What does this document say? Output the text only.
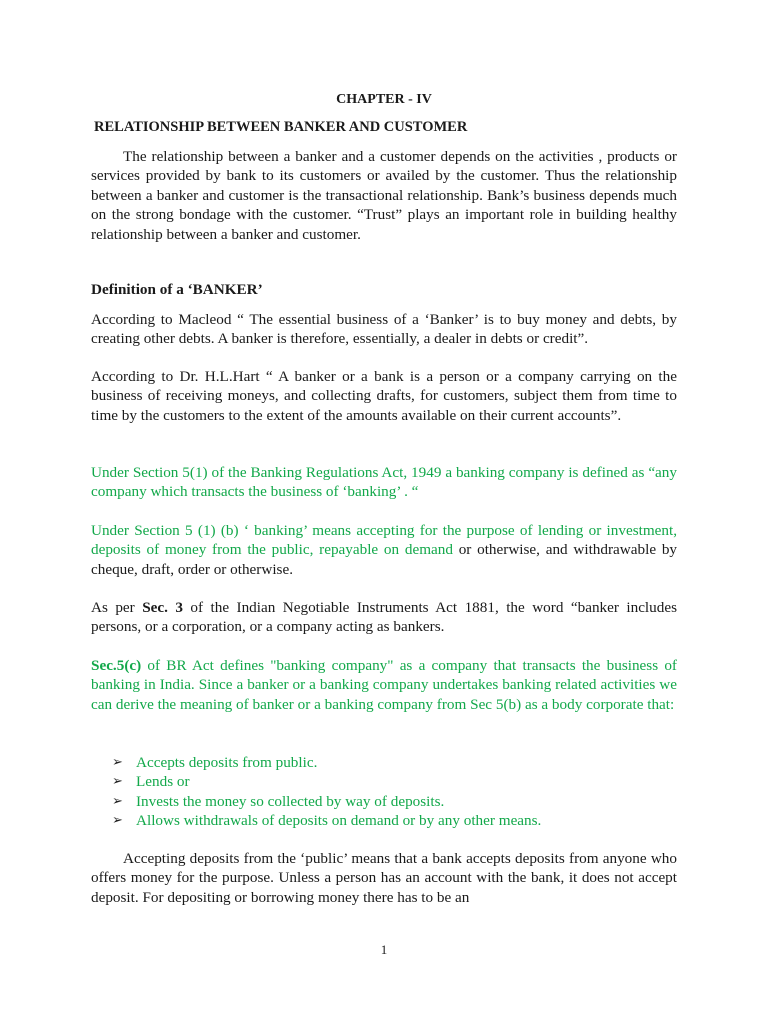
CHAPTER - IV
RELATIONSHIP BETWEEN BANKER AND CUSTOMER

The relationship between a banker and a customer depends on the activities , products or services provided by bank to its customers or availed by the customer. Thus the relationship between a banker and customer is the transactional relationship. Bank’s business depends much on the strong bondage with the customer. “Trust” plays an important role in building healthy relationship between a banker and customer.

Definition of a ‘BANKER’

According to Macleod “ The essential business of a ‘Banker’ is to buy money and debts, by creating other debts. A banker is therefore, essentially, a dealer in debts or credit”.

According to Dr. H.L.Hart “ A banker or a bank is a person or a company carrying on the business of receiving moneys, and collecting drafts, for customers, subject them from time to time by the customers to the extent of the amounts available on their current accounts”.

Under Section 5(1) of the Banking Regulations Act, 1949 a banking company is defined as “any company which transacts the business of ‘banking’ . “

Under Section 5 (1) (b) ‘ banking’ means accepting for the purpose of lending or investment, deposits of money from the public, repayable on demand or otherwise, and withdrawable by cheque, draft, order or otherwise.

As per Sec. 3 of the Indian Negotiable Instruments Act 1881, the word “banker includes persons, or a corporation, or a company acting as bankers.

Sec.5(c) of BR Act defines "banking company" as a company that transacts the business of banking in India. Since a banker or a banking company undertakes banking related activities we can derive the meaning of banker or a banking company from Sec 5(b) as a body corporate that:

➢ Accepts deposits from public.
➢ Lends or
➢ Invests the money so collected by way of deposits.
➢ Allows withdrawals of deposits on demand or by any other means.

Accepting deposits from the ‘public’ means that a bank accepts deposits from anyone who offers money for the purpose. Unless a person has an account with the bank, it does not accept deposit. For depositing or borrowing money there has to be an

1
